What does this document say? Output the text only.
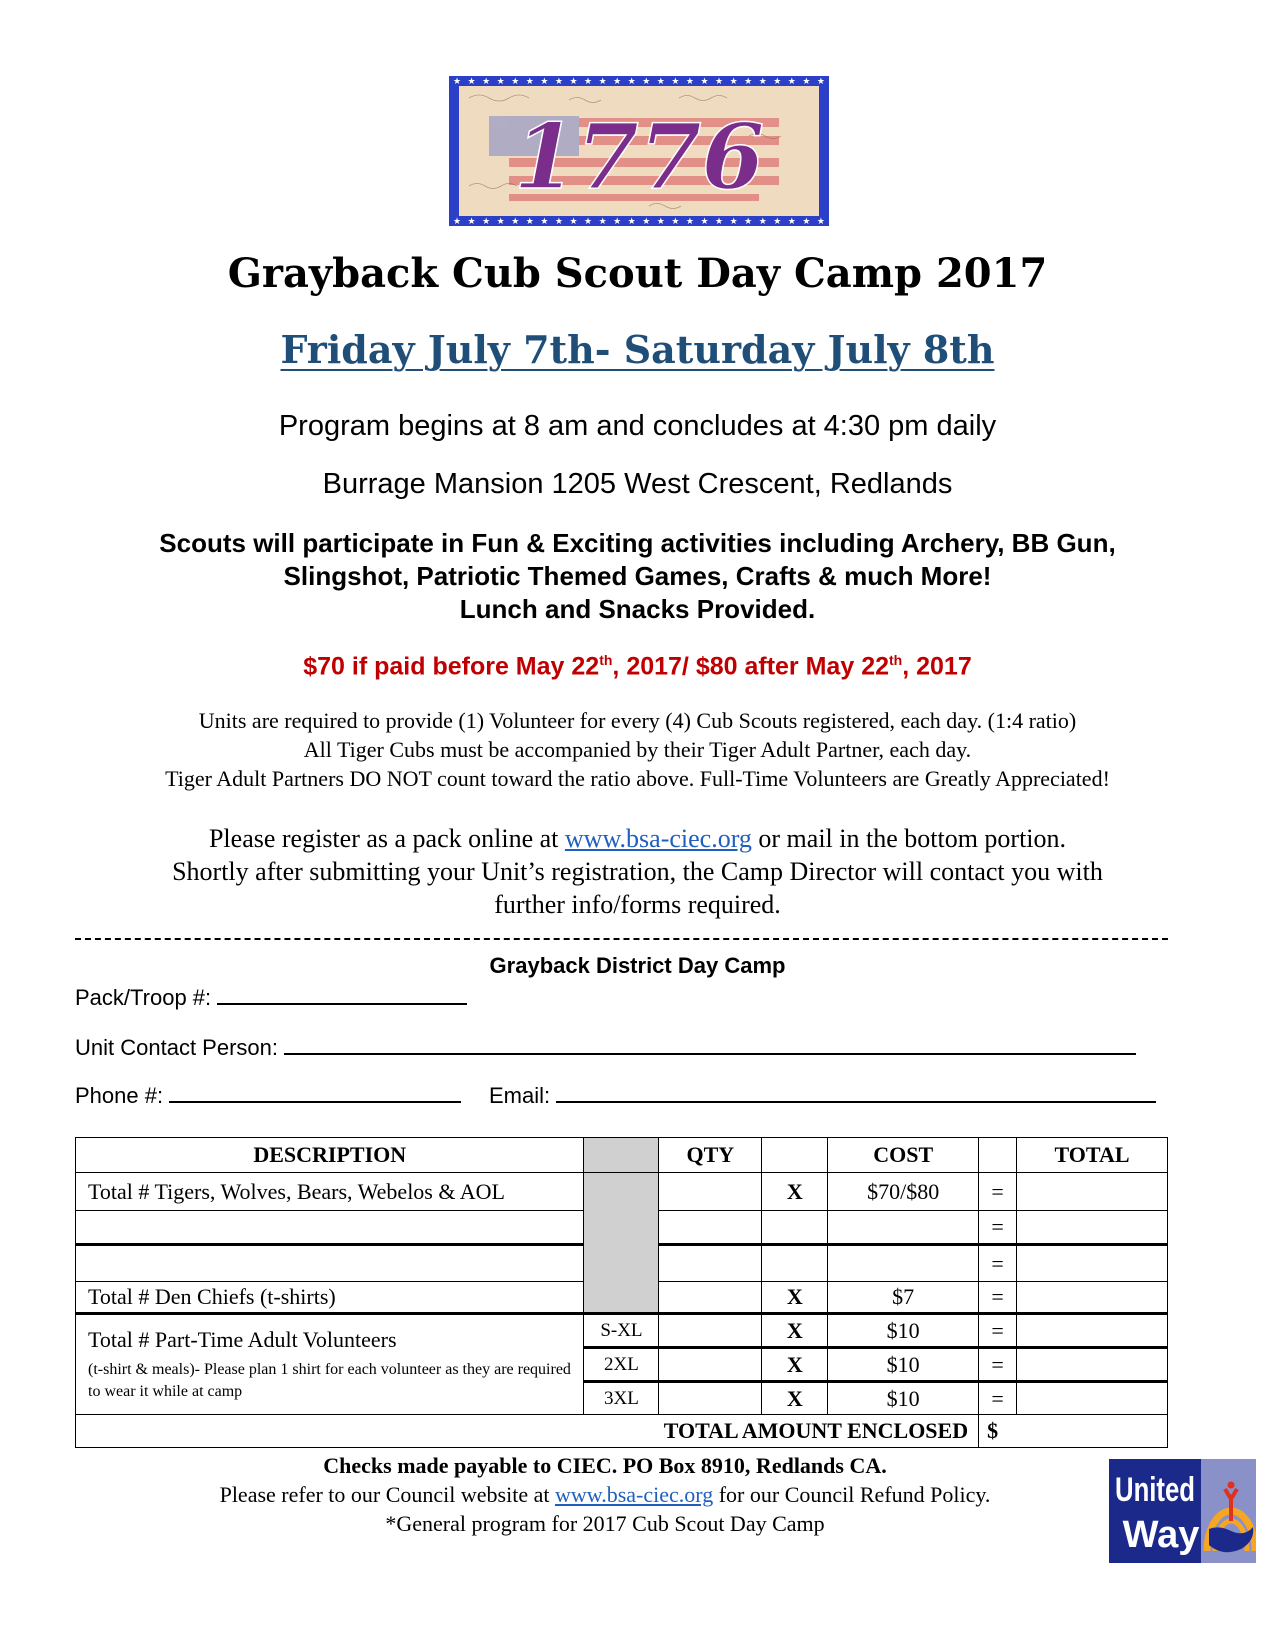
★ ★ ★ ★ ★ ★ ★ ★ ★ ★ ★ ★ ★ ★ ★ ★ ★ ★ ★ ★ ★ ★ ★ ★ ★ ★
★ ★ ★ ★ ★ ★ ★ ★ ★ ★ ★ ★ ★ ★ ★ ★ ★ ★ ★ ★ ★ ★ ★ ★ ★ ★
1776
Grayback Cub Scout Day Camp 2017
Friday July 7th- Saturday July 8th
Program begins at 8 am and concludes at 4:30 pm daily
Burrage Mansion 1205 West Crescent, Redlands
Scouts will participate in Fun & Exciting activities including Archery, BB Gun,
Slingshot, Patriotic Themed Games, Crafts & much More!
Lunch and Snacks Provided.
$70 if paid before May 22th, 2017/ $80 after May 22th, 2017
Units are required to provide (1) Volunteer for every (4) Cub Scouts registered, each day. (1:4 ratio)
All Tiger Cubs must be accompanied by their Tiger Adult Partner, each day.
Tiger Adult Partners DO NOT count toward the ratio above. Full-Time Volunteers are Greatly Appreciated!
Please register as a pack online at www.bsa-ciec.org or mail in the bottom portion.
Shortly after submitting your Unit’s registration, the Camp Director will contact you with
further info/forms required.
Grayback District Day Camp
Pack/Troop #:
Unit Contact Person:
Phone #:	Email:
DESCRIPTION		QTY		COST		TOTAL
Total # Tigers, Wolves, Bears, Webelos & AOL			X	$70/$80	=	
					=	
					=	
Total # Den Chiefs (t-shirts)			X	$7	=	

Total # Part-Time Adult Volunteers
(t-shirt & meals)- Please plan 1 shirt for each volunteer as they are required to wear it while at camp	S-XL		X	$10	=	
	2XL		X	$10	=	
	3XL		X	$10	=	
TOTAL AMOUNT ENCLOSED					$	
Checks made payable to CIEC. PO Box 8910, Redlands CA.
Please refer to our Council website at www.bsa-ciec.org for our Council Refund Policy.
*General program for 2017 Cub Scout Day Camp
United
Way
